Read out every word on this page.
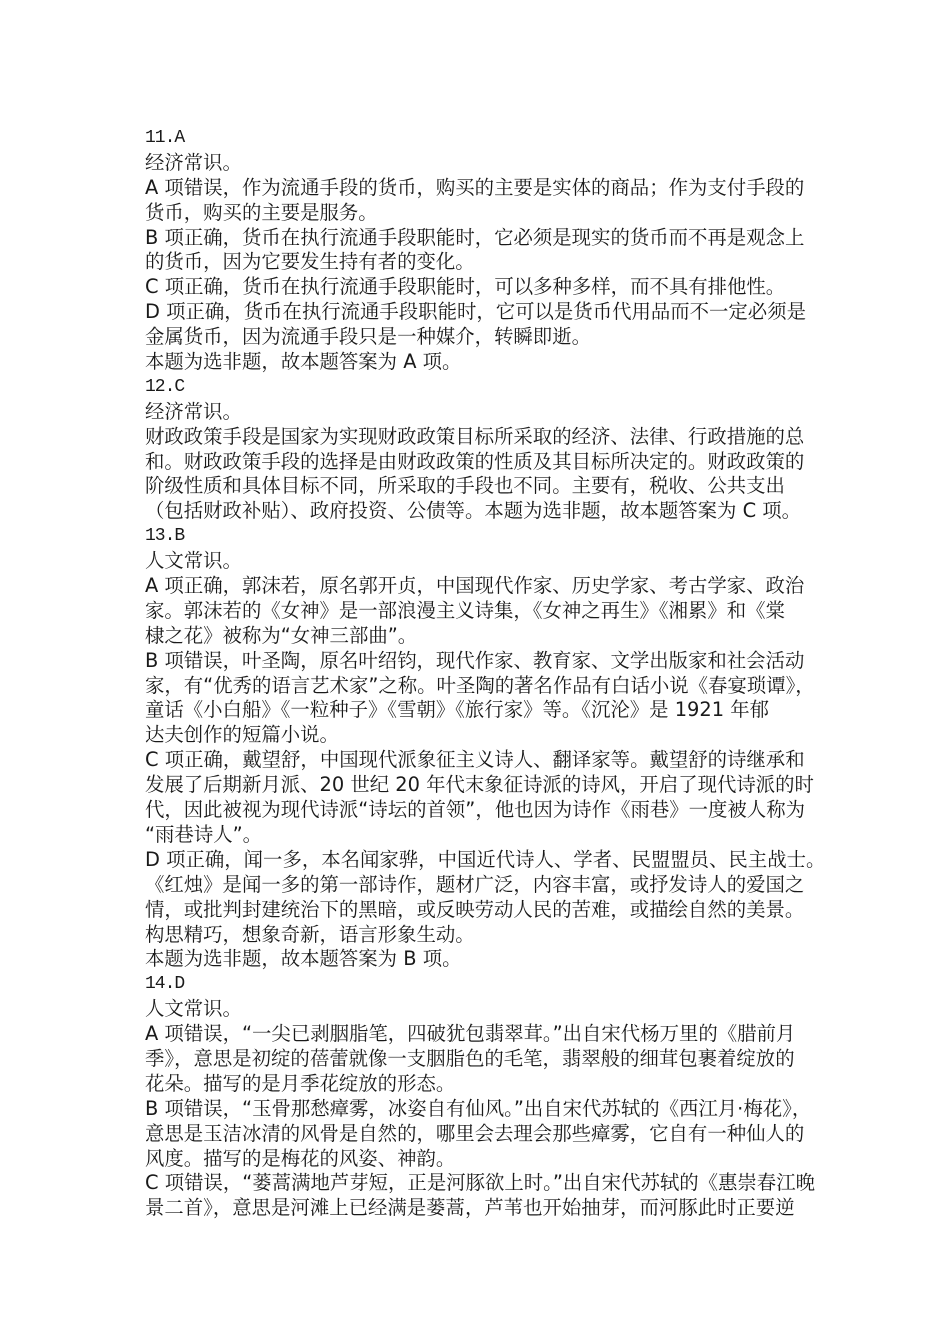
11.A
经济常识。
A 项错误，作为流通手段的货币，购买的主要是实体的商品；作为支付手段的
货币，购买的主要是服务。
B 项正确，货币在执行流通手段职能时，它必须是现实的货币而不再是观念上
的货币，因为它要发生持有者的变化。
C 项正确，货币在执行流通手段职能时，可以多种多样，而不具有排他性。
D 项正确，货币在执行流通手段职能时，它可以是货币代用品而不一定必须是
金属货币，因为流通手段只是一种媒介，转瞬即逝。
本题为选非题，故本题答案为 A 项。
12.C
经济常识。
财政政策手段是国家为实现财政政策目标所采取的经济、法律、行政措施的总
和。财政政策手段的选择是由财政政策的性质及其目标所决定的。财政政策的
阶级性质和具体目标不同，所采取的手段也不同。主要有，税收、公共支出
（包括财政补贴）、政府投资、公债等。本题为选非题，故本题答案为 C 项。
13.B
人文常识。
A 项正确，郭沫若，原名郭开贞，中国现代作家、历史学家、考古学家、政治
家。郭沫若的《女神》是一部浪漫主义诗集，《女神之再生》《湘累》和《棠
棣之花》被称为“女神三部曲”。
B 项错误，叶圣陶，原名叶绍钧，现代作家、教育家、文学出版家和社会活动
家，有“优秀的语言艺术家”之称。叶圣陶的著名作品有白话小说《春宴琐谭》，
童话《小白船》《一粒种子》《雪朝》《旅行家》等。《沉沦》是 1921 年郁
达夫创作的短篇小说。
C 项正确，戴望舒，中国现代派象征主义诗人、翻译家等。戴望舒的诗继承和
发展了后期新月派、20 世纪 20 年代末象征诗派的诗风，开启了现代诗派的时
代，因此被视为现代诗派“诗坛的首领”，他也因为诗作《雨巷》一度被人称为
“雨巷诗人”。
D 项正确，闻一多，本名闻家骅，中国近代诗人、学者、民盟盟员、民主战士。
《红烛》是闻一多的第一部诗作，题材广泛，内容丰富，或抒发诗人的爱国之
情，或批判封建统治下的黑暗，或反映劳动人民的苦难，或描绘自然的美景。
构思精巧，想象奇新，语言形象生动。
本题为选非题，故本题答案为 B 项。
14.D
人文常识。
A 项错误，“一尖已剥胭脂笔，四破犹包翡翠茸。”出自宋代杨万里的《腊前月
季》，意思是初绽的蓓蕾就像一支胭脂色的毛笔，翡翠般的细茸包裹着绽放的
花朵。描写的是月季花绽放的形态。
B 项错误，“玉骨那愁瘴雾，冰姿自有仙风。”出自宋代苏轼的《西江月·梅花》，
意思是玉洁冰清的风骨是自然的，哪里会去理会那些瘴雾，它自有一种仙人的
风度。描写的是梅花的风姿、神韵。
C 项错误，“蒌蒿满地芦芽短，正是河豚欲上时。”出自宋代苏轼的《惠崇春江晚
景二首》，意思是河滩上已经满是蒌蒿，芦苇也开始抽芽，而河豚此时正要逆
